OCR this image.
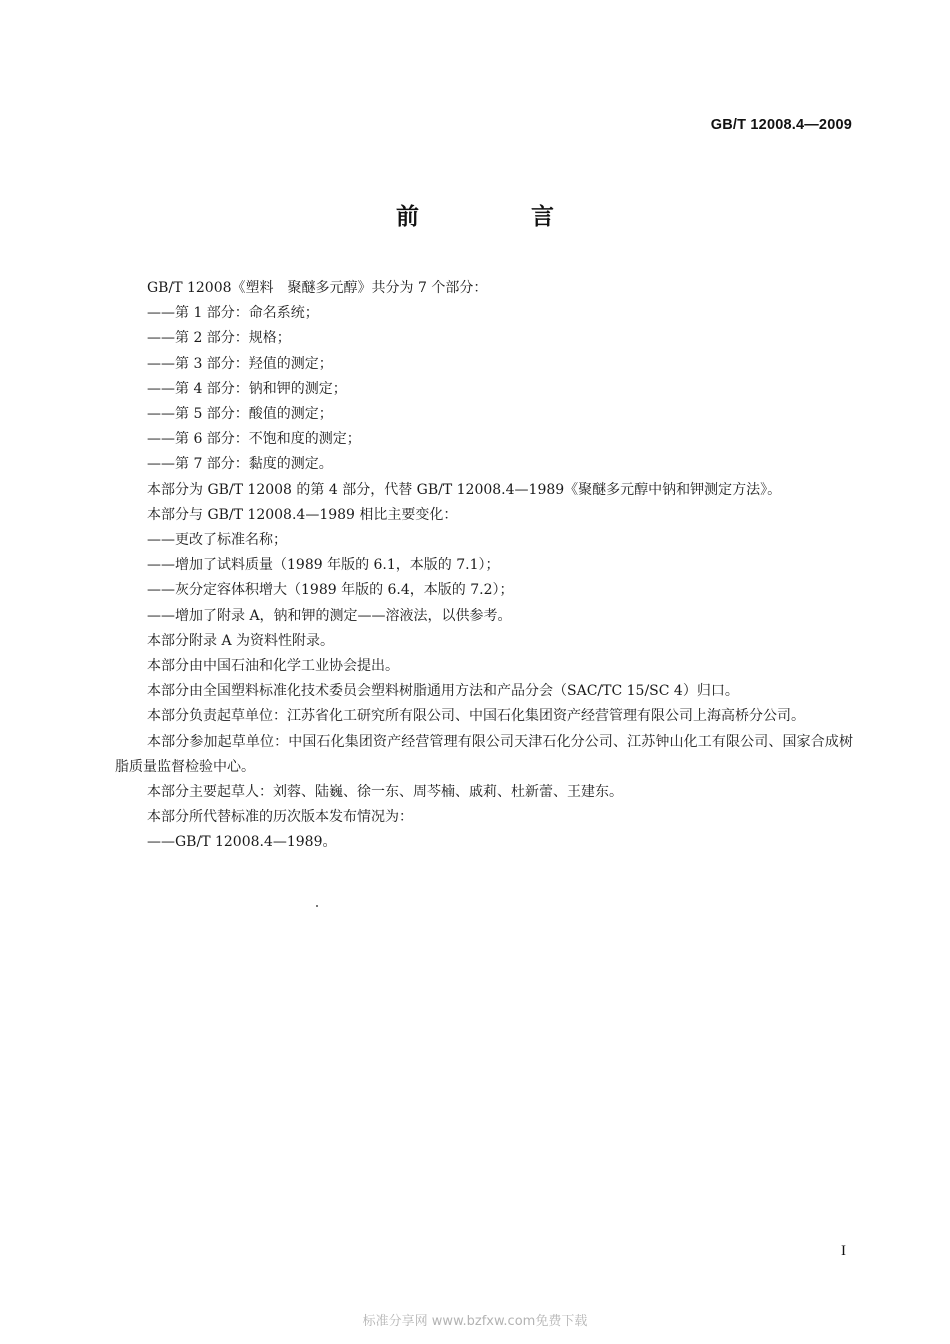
GB/T 12008.4—2009
前 言

GB/T 12008《塑料　聚醚多元醇》共分为 7 个部分：

——第 1 部分：命名系统；

——第 2 部分：规格；

——第 3 部分：羟值的测定；

——第 4 部分：钠和钾的测定；

——第 5 部分：酸值的测定；

——第 6 部分：不饱和度的测定；

——第 7 部分：黏度的测定。

本部分为 GB/T 12008 的第 4 部分，代替 GB/T 12008.4—1989《聚醚多元醇中钠和钾测定方法》。

本部分与 GB/T 12008.4—1989 相比主要变化：

——更改了标准名称；

——增加了试料质量（1989 年版的 6.1，本版的 7.1）；

——灰分定容体积增大（1989 年版的 6.4，本版的 7.2）；

——增加了附录 A，钠和钾的测定——溶液法，以供参考。

本部分附录 A 为资料性附录。

本部分由中国石油和化学工业协会提出。

本部分由全国塑料标准化技术委员会塑料树脂通用方法和产品分会（SAC/TC 15/SC 4）归口。

本部分负责起草单位：江苏省化工研究所有限公司、中国石化集团资产经营管理有限公司上海高桥分公司。

本部分参加起草单位：中国石化集团资产经营管理有限公司天津石化分公司、江苏钟山化工有限公司、国家合成树脂质量监督检验中心。

本部分主要起草人：刘蓉、陆巍、徐一东、周芩楠、戚莉、杜新蕾、王建东。

本部分所代替标准的历次版本发布情况为：

——GB/T 12008.4—1989。

I
标准分享网 www.bzfxw.com免费下载
